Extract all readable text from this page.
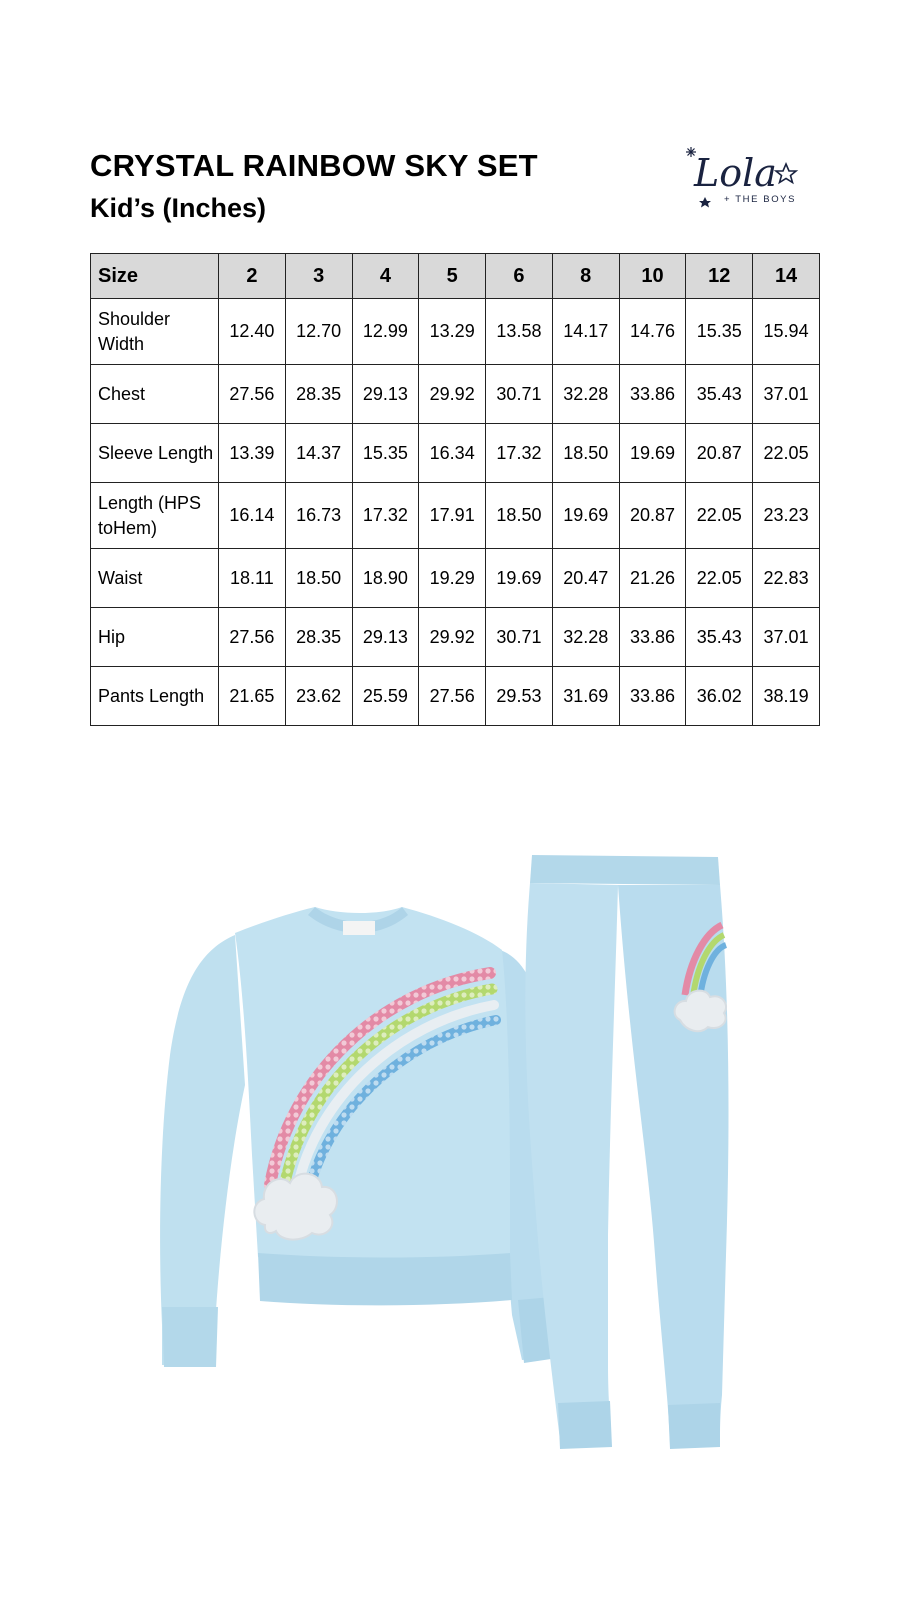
CRYSTAL RAINBOW SKY SET
Kid’s (Inches)
Lola
+ THE BOYS
Size	2	3	4	5	6	8	10	12	14
Shoulder Width	12.40	12.70	12.99	13.29	13.58	14.17	14.76	15.35	15.94
Chest	27.56	28.35	29.13	29.92	30.71	32.28	33.86	35.43	37.01
Sleeve Length	13.39	14.37	15.35	16.34	17.32	18.50	19.69	20.87	22.05
Length (HPS toHem)	16.14	16.73	17.32	17.91	18.50	19.69	20.87	22.05	23.23
Waist	18.11	18.50	18.90	19.29	19.69	20.47	21.26	22.05	22.83
Hip	27.56	28.35	29.13	29.92	30.71	32.28	33.86	35.43	37.01
Pants Length	21.65	23.62	25.59	27.56	29.53	31.69	33.86	36.02	38.19
